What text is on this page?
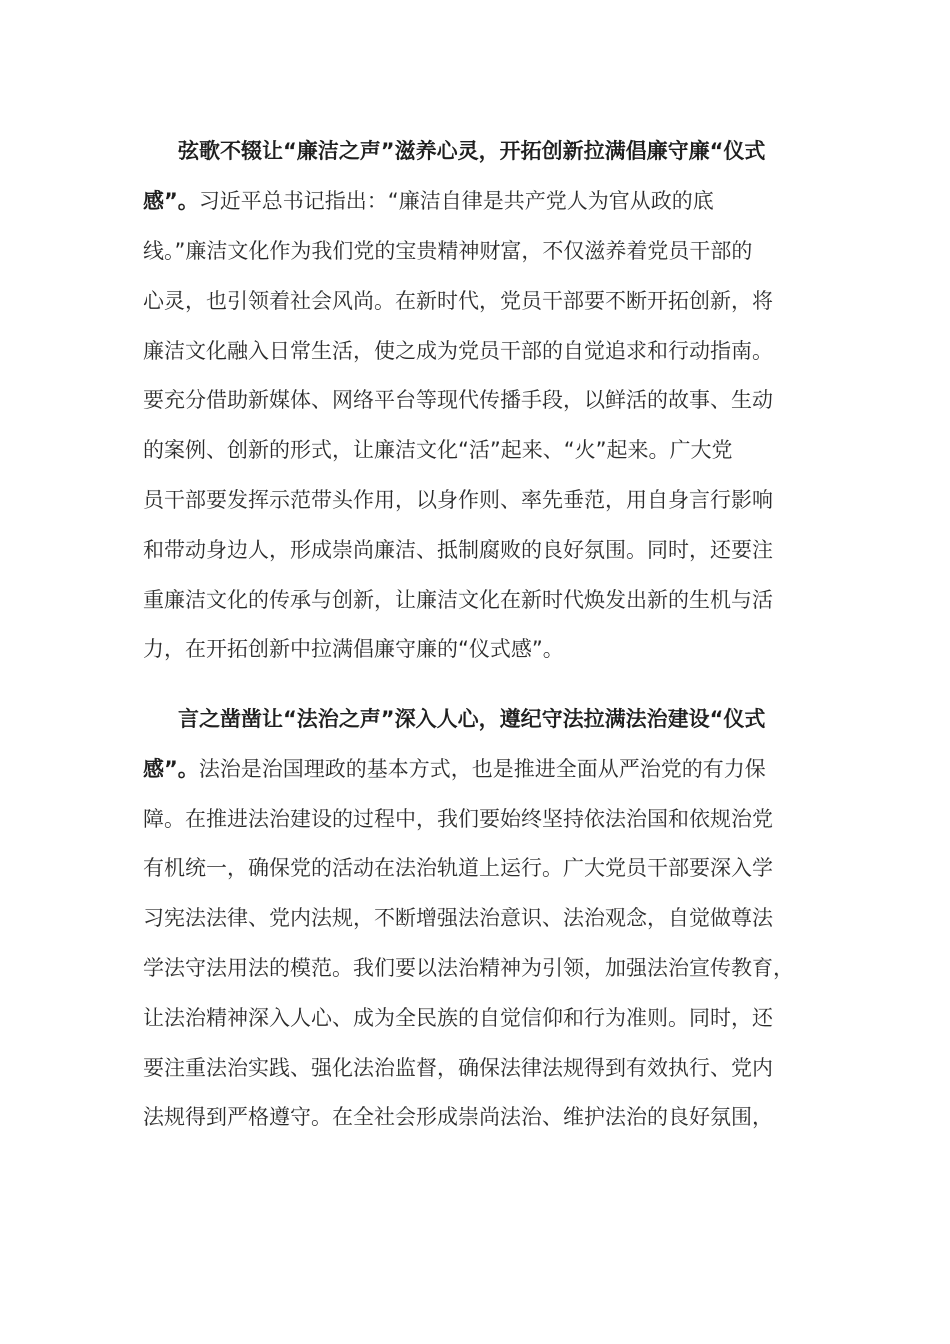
弦歌不辍让“廉洁之声”滋养心灵，开拓创新拉满倡廉守廉“仪式
感”。习近平总书记指出：“廉洁自律是共产党人为官从政的底
线。”廉洁文化作为我们党的宝贵精神财富，不仅滋养着党员干部的
心灵，也引领着社会风尚。在新时代，党员干部要不断开拓创新，将
廉洁文化融入日常生活，使之成为党员干部的自觉追求和行动指南。
要充分借助新媒体、网络平台等现代传播手段，以鲜活的故事、生动
的案例、创新的形式，让廉洁文化“活”起来、“火”起来。广大党
员干部要发挥示范带头作用，以身作则、率先垂范，用自身言行影响
和带动身边人，形成崇尚廉洁、抵制腐败的良好氛围。同时，还要注
重廉洁文化的传承与创新，让廉洁文化在新时代焕发出新的生机与活
力，在开拓创新中拉满倡廉守廉的“仪式感”。
言之凿凿让“法治之声”深入人心，遵纪守法拉满法治建设“仪式
感”。法治是治国理政的基本方式，也是推进全面从严治党的有力保
障。在推进法治建设的过程中，我们要始终坚持依法治国和依规治党
有机统一，确保党的活动在法治轨道上运行。广大党员干部要深入学
习宪法法律、党内法规，不断增强法治意识、法治观念，自觉做尊法
学法守法用法的模范。我们要以法治精神为引领，加强法治宣传教育，
让法治精神深入人心、成为全民族的自觉信仰和行为准则。同时，还
要注重法治实践、强化法治监督，确保法律法规得到有效执行、党内
法规得到严格遵守。在全社会形成崇尚法治、维护法治的良好氛围，
